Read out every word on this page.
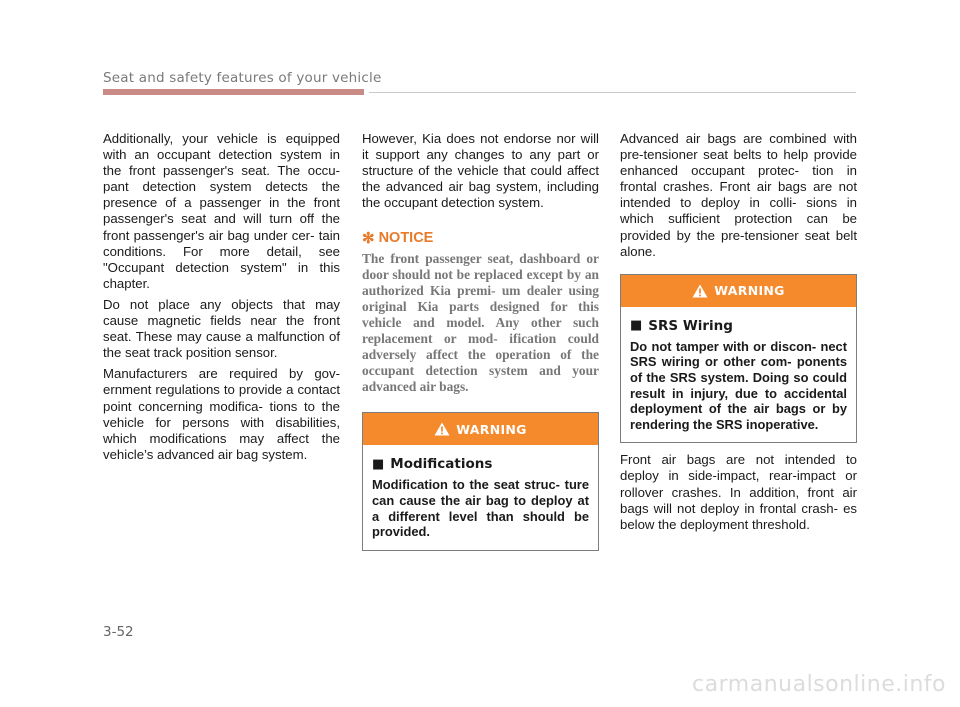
Seat and safety features of your vehicle

Additionally, your vehicle is equipped with an occupant detection system in the front passenger's seat. The occu- pant detection system detects the presence of a passenger in the front passenger's seat and will turn off the front passenger's air bag under cer- tain conditions. For more detail, see "Occupant detection system" in this chapter.

Do not place any objects that may cause magnetic fields near the front seat. These may cause a malfunction of the seat track position sensor.

Manufacturers are required by gov- ernment regulations to provide a contact point concerning modifica- tions to the vehicle for persons with disabilities, which modifications may affect the vehicle’s advanced air bag system.

However, Kia does not endorse nor will it support any changes to any part or structure of the vehicle that could affect the advanced air bag system, including the occupant detection system.

✻ NOTICE

The front passenger seat, dashboard or door should not be replaced except by an authorized Kia premi- um dealer using original Kia parts designed for this vehicle and model. Any other such replacement or mod- ification could adversely affect the operation of the occupant detection system and your advanced air bags.

WARNING
■ Modifications

Modification to the seat struc- ture can cause the air bag to deploy at a different level than should be provided.

Advanced air bags are combined with pre-tensioner seat belts to help provide enhanced occupant protec- tion in frontal crashes. Front air bags are not intended to deploy in colli- sions in which sufficient protection can be provided by the pre-tensioner seat belt alone.

WARNING
■ SRS Wiring

Do not tamper with or discon- nect SRS wiring or other com- ponents of the SRS system. Doing so could result in injury, due to accidental deployment of the air bags or by rendering the SRS inoperative.

Front air bags are not intended to deploy in side-impact, rear-impact or rollover crashes. In addition, front air bags will not deploy in frontal crash- es below the deployment threshold.

3-52
carmanualsonline.info
